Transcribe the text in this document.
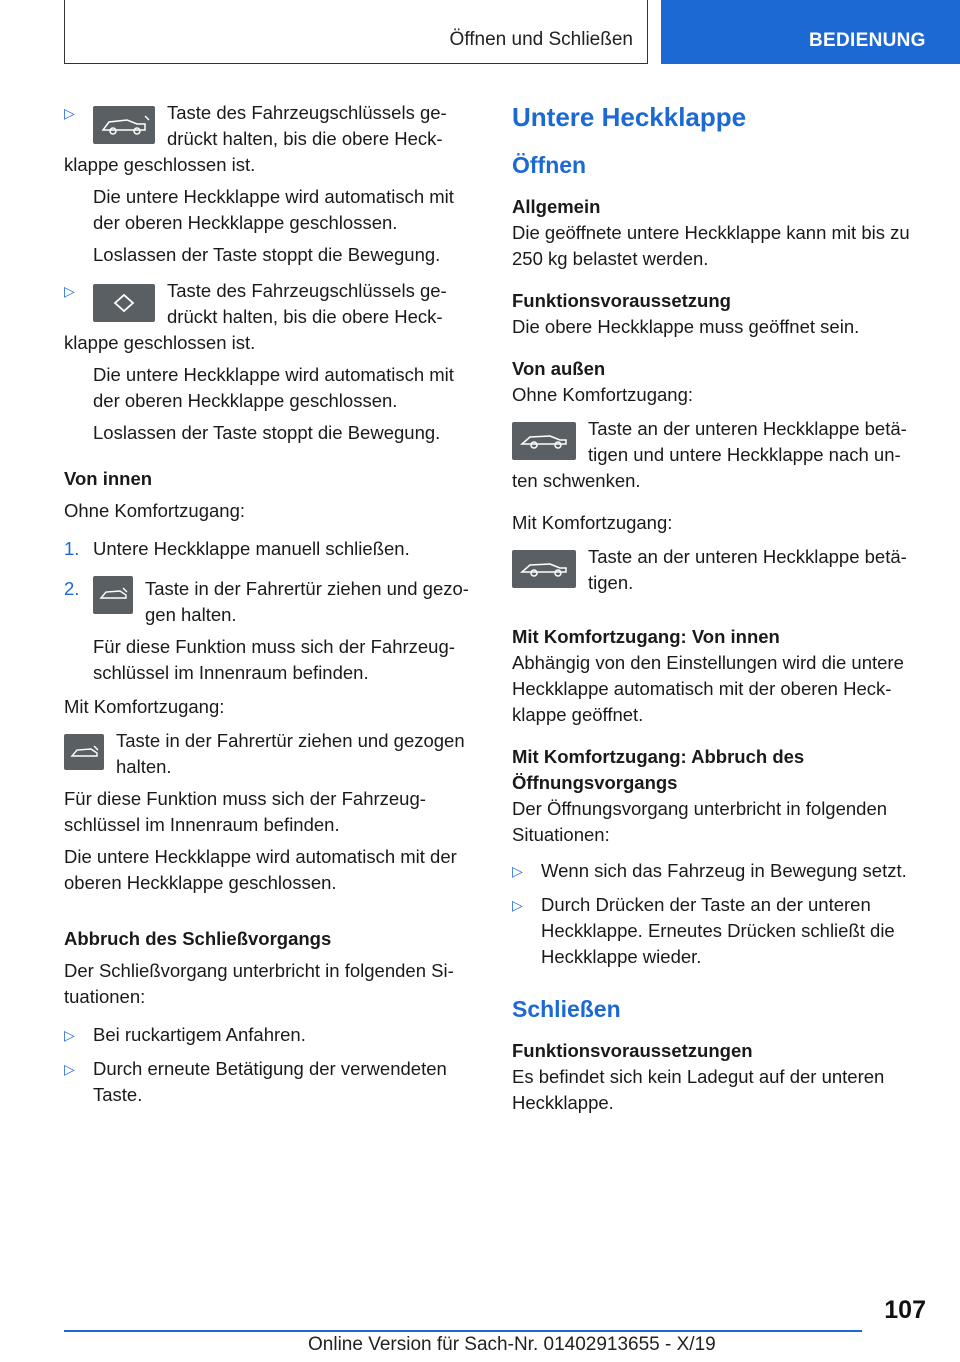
Öffnen und Schließen	BEDIENUNG
▷	Taste des Fahrzeugschlüssels ge-

drückt halten, bis die obere Heck-

klappe geschlossen ist.

Die untere Heckklappe wird automatisch mit der oberen Heckklappe geschlossen.

Loslassen der Taste stoppt die Bewegung.

▷	Taste des Fahrzeugschlüssels ge-

drückt halten, bis die obere Heck-

klappe geschlossen ist.

Die untere Heckklappe wird automatisch mit der oberen Heckklappe geschlossen.

Loslassen der Taste stoppt die Bewegung.

Von innen

Ohne Komfortzugang:

1. Untere Heckklappe manuell schließen.

2.	Taste in der Fahrertür ziehen und gezo-gen halten.

Für diese Funktion muss sich der Fahrzeug-schlüssel im Innenraum befinden.

Mit Komfortzugang:

Taste in der Fahrertür ziehen und gezogen halten.

Für diese Funktion muss sich der Fahrzeug-schlüssel im Innenraum befinden.

Die untere Heckklappe wird automatisch mit der oberen Heckklappe geschlossen.

Abbruch des Schließvorgangs

Der Schließvorgang unterbricht in folgenden Si-tuationen:

▷ Bei ruckartigem Anfahren.

▷ Durch erneute Betätigung der verwendeten Taste.

Untere Heckklappe

Öffnen

Allgemein

Die geöffnete untere Heckklappe kann mit bis zu 250 kg belastet werden.

Funktionsvoraussetzung

Die obere Heckklappe muss geöffnet sein.

Von außen

Ohne Komfortzugang:

Taste an der unteren Heckklappe betä-

tigen und untere Heckklappe nach un-

ten schwenken.

Mit Komfortzugang:

Taste an der unteren Heckklappe betä-

tigen.

Mit Komfortzugang: Von innen

Abhängig von den Einstellungen wird die untere Heckklappe automatisch mit der oberen Heck-klappe geöffnet.

Mit Komfortzugang: Abbruch des Öffnungsvorgangs

Der Öffnungsvorgang unterbricht in folgenden Situationen:

▷ Wenn sich das Fahrzeug in Bewegung setzt.

▷ Durch Drücken der Taste an der unteren Heckklappe. Erneutes Drücken schließt die Heckklappe wieder.

Schließen

Funktionsvoraussetzungen

Es befindet sich kein Ladegut auf der unteren Heckklappe.

107
Online Version für Sach-Nr. 01402913655 - X/19
